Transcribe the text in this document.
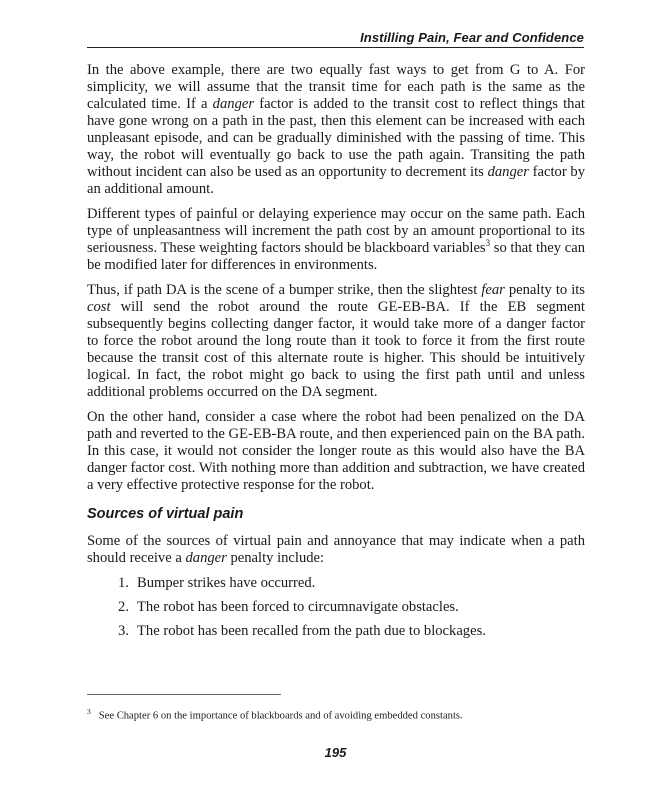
Instilling Pain, Fear and Confidence

In the above example, there are two equally fast ways to get from G to A. For simplicity, we will assume that the transit time for each path is the same as the calculated time. If a danger factor is added to the transit cost to reflect things that have gone wrong on a path in the past, then this element can be increased with each unpleasant episode, and can be gradually diminished with the passing of time. This way, the robot will eventually go back to use the path again. Transiting the path without incident can also be used as an opportunity to decrement its danger factor by an additional amount.

Different types of painful or delaying experience may occur on the same path. Each type of unpleasantness will increment the path cost by an amount proportional to its seriousness. These weighting factors should be blackboard variables$^3$ so that they can be modified later for differences in environments.

Thus, if path DA is the scene of a bumper strike, then the slightest fear penalty to its cost will send the robot around the route GE-EB-BA. If the EB segment subsequently begins collecting danger factor, it would take more of a danger factor to force the robot around the long route than it took to force it from the first route because the transit cost of this alternate route is higher. This should be intuitively logical. In fact, the robot might go back to using the first path until and unless additional problems occurred on the DA segment.

On the other hand, consider a case where the robot had been penalized on the DA path and reverted to the GE-EB-BA route, and then experienced pain on the BA path. In this case, it would not consider the longer route as this would also have the BA danger factor cost. With nothing more than addition and subtraction, we have created a very effective protective response for the robot.

Sources of virtual pain

Some of the sources of virtual pain and annoyance that may indicate when a path should receive a danger penalty include:

1. Bumper strikes have occurred.
2. The robot has been forced to circumnavigate obstacles.
3. The robot has been recalled from the path due to blockages.
$^3$ See Chapter 6 on the importance of blackboards and of avoiding embedded constants.
195
